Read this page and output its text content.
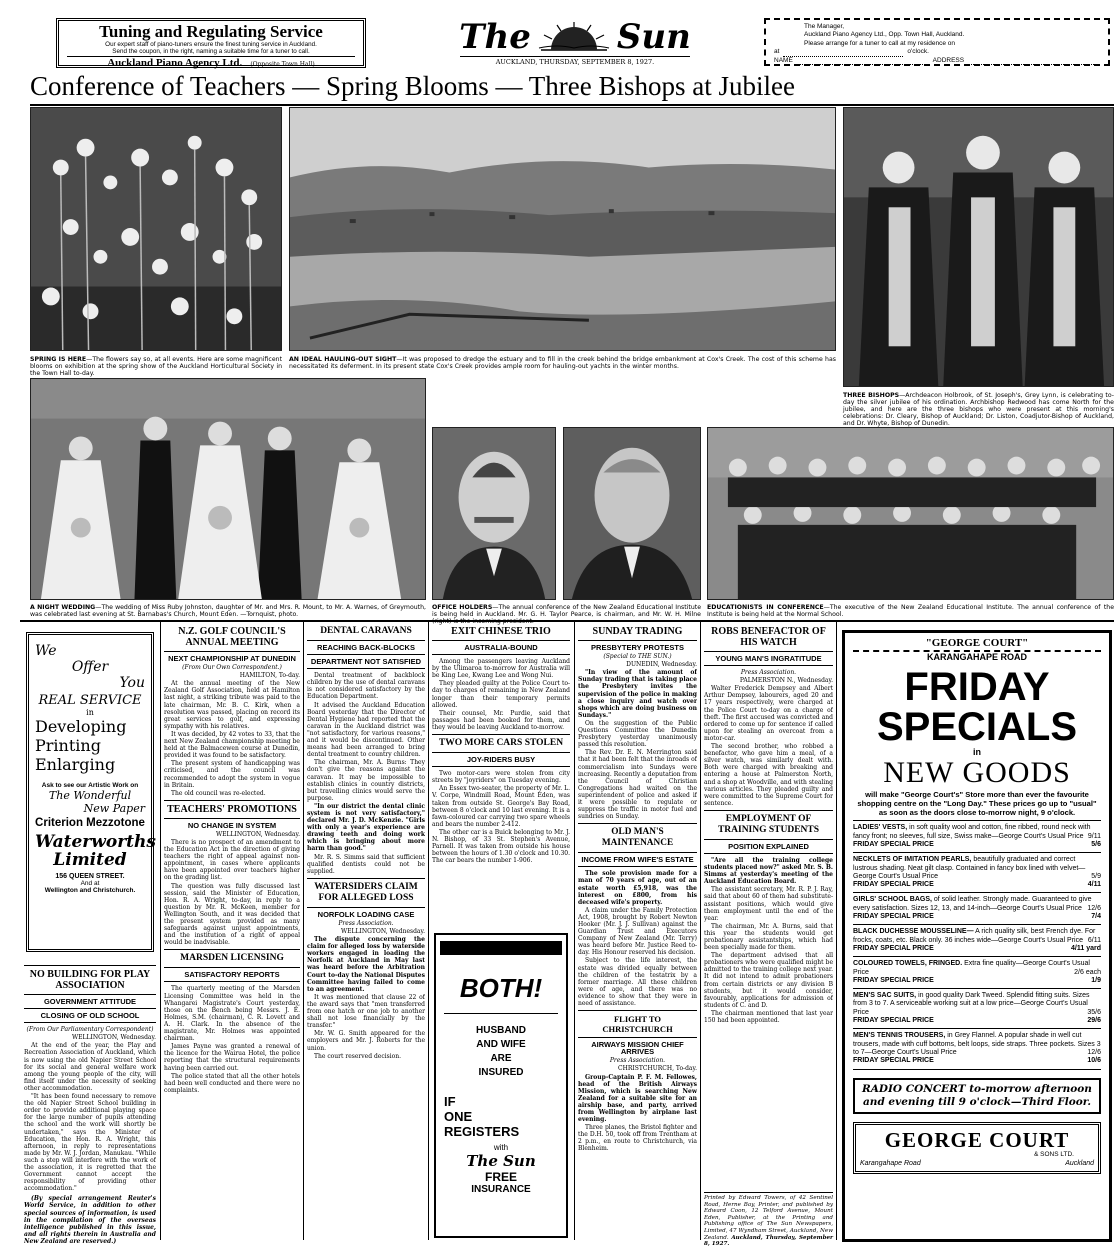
Tuning and Regulating Service
Our expert staff of piano-tuners ensure the finest tuning service in Auckland.
Send the coupon, in the right, naming a suitable time for a tuner to call.
Auckland Piano Agency Ltd. (Opposite Town Hall)
The	Sun
AUCKLAND, THURSDAY, SEPTEMBER 8, 1927.
The Manager,
Auckland Piano Agency Ltd., Opp. Town Hall, Auckland.
Please arrange for a tuner to call at my residence on
at	o'clock.
NAME	ADDRESS
Conference of Teachers — Spring Blooms — Three Bishops at Jubilee
SPRING IS HERE—The flowers say so, at all events. Here are some magnificent blooms on exhibition at the spring show of the Auckland Horticultural Society in the Town Hall to-day.
AN IDEAL HAULING-OUT SIGHT—It was proposed to dredge the estuary and to fill in the creek behind the bridge embankment at Cox's Creek. The cost of this scheme has necessitated its deferment. In its present state Cox's Creek provides ample room for hauling-out yachts in the winter months.
THREE BISHOPS—Archdeacon Holbrook, of St. Joseph's, Grey Lynn, is celebrating to-day the silver jubilee of his ordination. Archbishop Redwood has come North for the jubilee, and here are the three bishops who were present at this morning's celebrations: Dr. Cleary, Bishop of Auckland; Dr. Liston, Coadjutor-Bishop of Auckland, and Dr. Whyte, Bishop of Dunedin.
A NIGHT WEDDING—The wedding of Miss Ruby Johnston, daughter of Mr. and Mrs. R. Mount, to Mr. A. Warnes, of Greymouth, was celebrated last evening at St. Barnabas's Church, Mount Eden. —Tornquist, photo.
OFFICE HOLDERS—The annual conference of the New Zealand Educational Institute is being held in Auckland. Mr. G. H. Taylor Pearce, is chairman, and Mr. W. H. Milne (right) is the incoming president.
EDUCATIONISTS IN CONFERENCE—The executive of the New Zealand Educational Institute. The annual conference of the Institute is being held at the Normal School.
We
Offer
You
REAL SERVICE
in
Developing
Printing
Enlarging
Ask to see our Artistic Work on
The Wonderful
New Paper
Criterion Mezzotone
Waterworths Limited
156 QUEEN STREET.
And at
Wellington and Christchurch.
NO BUILDING FOR PLAY ASSOCIATION
GOVERNMENT ATTITUDE
CLOSING OF OLD SCHOOL
(From Our Parliamentary Correspondent)

WELLINGTON, Wednesday.

At the end of the year, the Play and Recreation Association of Auckland, which is now using the old Napier Street School for its social and general welfare work among the young people of the city, will find itself under the necessity of seeking other accommodation.

"It has been found necessary to remove the old Napier Street School building in order to provide additional playing space for the large number of pupils attending the school and the work will shortly be undertaken," says the Minister of Education, the Hon. R. A. Wright, this afternoon, in reply to representations made by Mr. W. J. Jordan, Manukau. "While such a step will interfere with the work of the association, it is regretted that the Government cannot accept the responsibility of providing other accommodation."

(By special arrangement Reuter's World Service, in addition to other special sources of information, is used in the compilation of the overseas intelligence published in this issue, and all rights therein in Australia and New Zealand are reserved.)

N.Z. GOLF COUNCIL'S ANNUAL MEETING
NEXT CHAMPIONSHIP AT DUNEDIN
(From Our Own Correspondent.)

HAMILTON, To-day.

At the annual meeting of the New Zealand Golf Association, held at Hamilton last night, a striking tribute was paid to the late chairman, Mr. B. C. Kirk, when a resolution was passed, placing on record its great services to golf, and expressing sympathy with his relatives.

It was decided, by 42 votes to 33, that the next New Zealand championship meeting be held at the Balmacewen course at Dunedin, provided it was found to be satisfactory.

The present system of handicapping was criticised, and the council was recommended to adopt the system in vogue in Britain.

The old council was re-elected.

TEACHERS' PROMOTIONS
NO CHANGE IN SYSTEM

WELLINGTON, Wednesday.

There is no prospect of an amendment to the Education Act in the direction of giving teachers the right of appeal against non-appointment, in cases where applicants have been appointed over teachers higher on the grading list.

The question was fully discussed last session, said the Minister of Education, Hon. R. A. Wright, to-day, in reply to a question by Mr. R. McKeen, member for Wellington South, and it was decided that the present system provided as many safeguards against unjust appointments, and the institution of a right of appeal would be inadvisable.

MARSDEN LICENSING
SATISFACTORY REPORTS

The quarterly meeting of the Marsden Licensing Committee was held in the Whangarei Magistrate's Court yesterday, those on the Bench being Messrs. J. E. Holmes, S.M. (chairman), C. R. Lovett and A. H. Clark. In the absence of the magistrate, Mr. Holmes was appointed chairman.

James Payne was granted a renewal of the licence for the Wairua Hotel, the police reporting that the structural requirements having been carried out.

The police stated that all the other hotels had been well conducted and there were no complaints.

DENTAL CARAVANS
REACHING BACK-BLOCKS
DEPARTMENT NOT SATISFIED

Dental treatment of backblock children by the use of dental caravans is not considered satisfactory by the Education Department.

It advised the Auckland Education Board yesterday that the Director of Dental Hygiene had reported that the caravan in the Auckland district was "not satisfactory, for various reasons," and it would be discontinued. Other means had been arranged to bring dental treatment to country children.

The chairman, Mr. A. Burns: They don't give the reasons against the caravan. It may be impossible to establish clinics in country districts, but travelling clinics would serve the purpose.

"In our district the dental clinic system is not very satisfactory," declared Mr. J. D. McKenzie. "Girls with only a year's experience are drawing teeth and doing work which is bringing about more harm than good."

Mr. R. S. Simms said that sufficient qualified dentists could not be supplied.

WATERSIDERS CLAIM FOR ALLEGED LOSS
NORFOLK LOADING CASE
Press Association.

WELLINGTON, Wednesday.

The dispute concerning the claim for alleged loss by waterside workers engaged in loading the Norfolk at Auckland in May last was heard before the Arbitration Court to-day the National Disputes Committee having failed to come to an agreement.

It was mentioned that clause 22 of the award says that "men transferred from one hatch or one job to another shall not lose financially by the transfer."

Mr. W. G. Smith appeared for the employers and Mr. J. Roberts for the union.

The court reserved decision.

EXIT CHINESE TRIO
AUSTRALIA-BOUND

Among the passengers leaving Auckland by the Ulimaroa to-morrow for Australia will be King Lee, Kwang Lee and Wong Nui.

They pleaded guilty at the Police Court to-day to charges of remaining in New Zealand longer than their temporary permits allowed.

Their counsel, Mr. Purdie, said that passages had been booked for them, and they would be leaving Auckland to-morrow.

TWO MORE CARS STOLEN
JOY-RIDERS BUSY

Two motor-cars were stolen from city streets by "joyriders" on Tuesday evening.

An Essex two-seater, the property of Mr. L. V. Corpe, Windmill Road, Mount Eden, was taken from outside St. George's Bay Road, between 8 o'clock and 10 last evening. It is a fawn-coloured car carrying two spare wheels and bears the number 2-412.

The other car is a Buick belonging to Mr. J. N. Bishop, of 33 St. Stephen's Avenue, Parnell. It was taken from outside his house between the hours of 1.30 o'clock and 10.30. The car bears the number 1-906.

BOTH!
HUSBAND
AND WIFE
ARE
INSURED
IF
ONE
REGISTERS
with
The Sun
FREE
INSURANCE
SUNDAY TRADING
PRESBYTERY PROTESTS
(Special to THE SUN.)

DUNEDIN, Wednesday.

"In view of the amount of Sunday trading that is taking place the Presbytery invites the supervision of the police in making a close inquiry and watch over shops which are doing business on Sundays."

On the suggestion of the Public Questions Committee the Dunedin Presbytery yesterday unanimously passed this resolution.

The Rev. Dr. E. N. Merrington said that it had been felt that the inroads of commercialism into Sundays were increasing. Recently a deputation from the Council of Christian Congregations had waited on the superintendent of police and asked if it were possible to regulate or suppress the traffic in motor fuel and sundries on Sunday.

OLD MAN'S MAINTENANCE
INCOME FROM WIFE'S ESTATE

The sole provision made for a man of 70 years of age, out of an estate worth £5,918, was the interest on £800, from his deceased wife's property.

A claim under the Family Protection Act, 1908, brought by Robert Newton Hooker (Mr. J. J. Sullivan) against the Guardian Trust and Executors Company of New Zealand (Mr. Terry) was heard before Mr. Justice Reed to-day. His Honour reserved his decision.

Subject to the life interest, the estate was divided equally between the children of the testatrix by a former marriage. All these children were of age, and there was no evidence to show that they were in need of assistance.

FLIGHT TO CHRISTCHURCH
AIRWAYS MISSION CHIEF ARRIVES
Press Association.

CHRISTCHURCH, To-day.

Group-Captain P. F. M. Fellowes, head of the British Airways Mission, which is searching New Zealand for a suitable site for an airship base, and party, arrived from Wellington by airplane last evening.

Three planes, the Bristol fighter and the D.H. 50, took off from Trentham at 2 p.m., en route to Christchurch, via Blenheim.

ROBS BENEFACTOR OF HIS WATCH
YOUNG MAN'S INGRATITUDE
Press Association.

PALMERSTON N., Wednesday.

Walter Frederick Dempsey and Albert Arthur Dempsey, labourers, aged 20 and 17 years respectively, were charged at the Police Court to-day on a charge of theft. The first accused was convicted and ordered to come up for sentence if called upon for stealing an overcoat from a motor-car.

The second brother, who robbed a benefactor, who gave him a meal, of a silver watch, was similarly dealt with. Both were charged with breaking and entering a house at Palmerston North, and a shop at Woodville, and with stealing various articles. They pleaded guilty and were committed to the Supreme Court for sentence.

EMPLOYMENT OF TRAINING STUDENTS
POSITION EXPLAINED

"Are all the training college students placed now?" asked Mr. S. B. Simms at yesterday's meeting of the Auckland Education Board.

The assistant secretary, Mr. R. P. J. Ray, said that about 60 of them had substitute-assistant positions, which would give them employment until the end of the year.

The chairman, Mr. A. Burns, said that this year the students would get probationary assistantships, which had been specially made for them.

The department advised that all probationers who were qualified might be admitted to the training college next year. It did not intend to admit probationers from certain districts or any division B students, but it would consider, favourably, applications for admission of students of C. and D.

The chairman mentioned that last year 150 had been appointed.

Printed by Edward Towers, of 42 Sentinel Road, Herne Bay, Printer, and published by Edward Coon, 12 Telford Avenue, Mount Eden, Publisher, at the Printing and Publishing office of The Sun Newspapers, Limited, 47 Wyndham Street, Auckland, New Zealand. Auckland, Thursday, September 8, 1927.
"GEORGE COURT"
KARANGAHAPE ROAD
FRIDAY
SPECIALS
in
NEW GOODS
will make "George Court's" Store more than ever the favourite shopping centre on the "Long Day." These prices go up to "usual" as soon as the doors close to-morrow night, 9 o'clock.
LADIES' VESTS, in soft quality wool and cotton, fine ribbed, round neck with fancy front; no sleeves, full size, Swiss make—George Court's Usual Price 9/11
FRIDAY SPECIAL PRICE	5/6
NECKLETS OF IMITATION PEARLS, beautifully graduated and correct lustrous shading. Neat gilt clasp. Contained in fancy box lined with velvet—George Court's Usual Price	5/9
FRIDAY SPECIAL PRICE	4/11
GIRLS' SCHOOL BAGS, of solid leather. Strongly made. Guaranteed to give every satisfaction. Sizes 12, 13, and 14-inch—George Court's Usual Price 12/6
FRIDAY SPECIAL PRICE	7/4
BLACK DUCHESSE MOUSSELINE— A rich quality silk, best French dye. For frocks, coats, etc. Black only. 36 inches wide—George Court's Usual Price 6/11
FRIDAY SPECIAL PRICE	4/11 yard
COLOURED TOWELS, FRINGED. Extra fine quality—George Court's Usual Price	2/6 each
FRIDAY SPECIAL PRICE	1/9
MEN'S SAC SUITS, in good quality Dark Tweed. Splendid fitting suits. Sizes from 3 to 7. A serviceable working suit at a low price—George Court's Usual Price	35/6
FRIDAY SPECIAL PRICE	29/6
MEN'S TENNIS TROUSERS, in Grey Flannel. A popular shade in well cut trousers, made with cuff bottoms, belt loops, side straps. Three pockets. Sizes 3 to 7—George Court's Usual Price	12/6
FRIDAY SPECIAL PRICE	10/6
RADIO CONCERT to-morrow afternoon and evening till 9 o'clock—Third Floor.
GEORGE COURT
& SONS LTD.
Karangahape Road	Auckland
